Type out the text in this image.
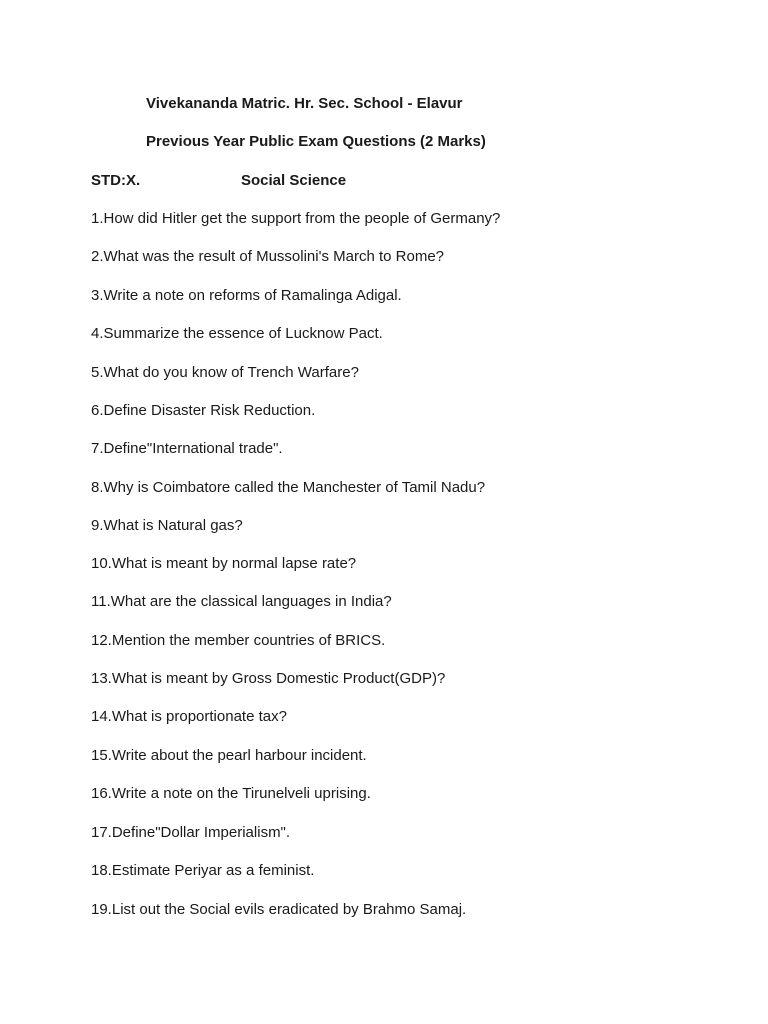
Vivekananda Matric. Hr. Sec. School - Elavur
Previous Year Public Exam Questions (2 Marks)
STD:X.	Social Science
1.How did Hitler get the support from the people of Germany?
2.What was the result of Mussolini's March to Rome?
3.Write a note on reforms of Ramalinga Adigal.
4.Summarize the essence of Lucknow Pact.
5.What do you know of Trench Warfare?
6.Define Disaster Risk Reduction.
7.Define"International trade".
8.Why is Coimbatore called the Manchester of Tamil Nadu?
9.What is Natural gas?
10.What is meant by normal lapse rate?
11.What are the classical languages in India?
12.Mention the member countries of BRICS.
13.What is meant by Gross Domestic Product(GDP)?
14.What is proportionate tax?
15.Write about the pearl harbour incident.
16.Write a note on the Tirunelveli uprising.
17.Define"Dollar Imperialism".
18.Estimate Periyar as a feminist.
19.List out the Social evils eradicated by Brahmo Samaj.
